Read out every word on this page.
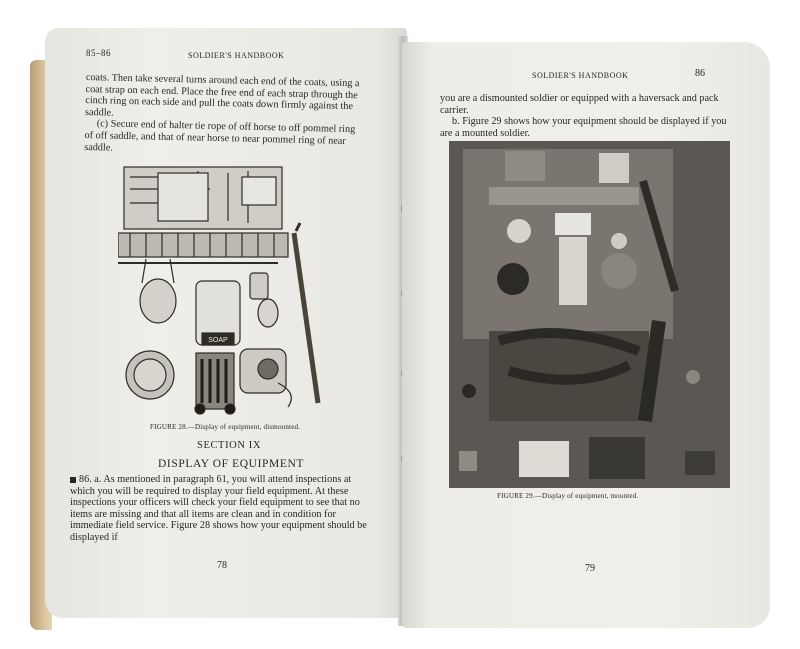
85–86	SOLDIER'S HANDBOOK

coats. Then take several turns around each end of the coats, using a coat strap on each end. Place the free end of each strap through the cinch ring on each side and pull the coats down firmly against the saddle.

(c) Secure end of halter tie rope of off horse to off pommel ring of off saddle, and that of near horse to near pommel ring of near saddle.

SOAP
FIGURE 28.—Display of equipment, dismounted.
SECTION IX
DISPLAY OF EQUIPMENT

86. a. As mentioned in paragraph 61, you will attend inspections at which you will be required to display your field equipment. At these inspections your officers will check your field equipment to see that no items are missing and that all items are clean and in condition for immediate field service. Figure 28 shows how your equipment should be displayed if

78
SOLDIER'S HANDBOOK	86

you are a dismounted soldier or equipped with a haversack and pack carrier.

b. Figure 29 shows how your equipment should be displayed if you are a mounted soldier.

FIGURE 29.—Display of equipment, mounted.
79
